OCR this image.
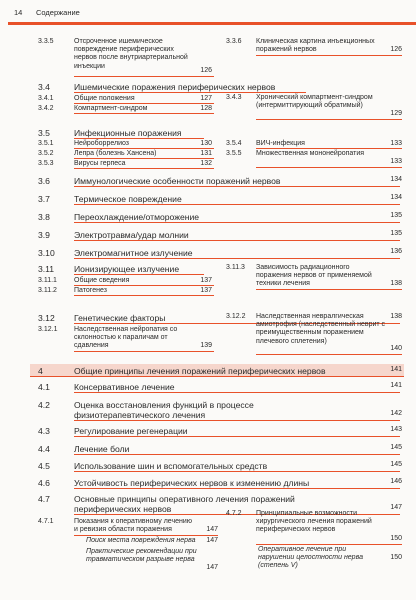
14 Содержание
3.3.5	Отсроченное ишемическое повреждение периферических нервов после внутриартериальной инъекции
126
3.4	Ишемические поражения периферических нервов
3.4.1	Общие положения	127
3.4.2	Компартмент-синдром	128
3.5	Инфекционные поражения
3.5.1	Нейроборрелиоз	130
3.5.2	Лепра (болезнь Хансена)	131
3.5.3	Вирусы герпеса	132
3.6	Иммунологические особенности поражений нервов	134
3.7	Термическое повреждение	134
3.8	Переохлаждение/отморожение	135
3.9	Электротравма/удар молнии	135
3.10 Электромагнитное излучение	136
3.11 Ионизирующее излучение
3.11.1 Общие сведения	137
3.11.2 Патогенез	137
3.12 Генетические факторы	138
3.12.1 Наследственная нейропатия со склонностью к параличам от сдавления	139
3.3.6 Клиническая картина инъекционных поражений нервов	126
3.4.3 Хронический компартмент-синдром (интермиттирующий обратимый)
129
3.5.4 ВИЧ-инфекция	133
3.5.5 Множественная мононейропатия
133
3.11.3 Зависимость радиационного поражения нервов от применяемой техники лечения	138
3.12.2 Наследственная невралгическая амиотрофия (наследственный неврит с преимущественным поражением плечевого сплетения)
140
4	Общие принципы лечения поражений периферических нервов	141
4.1	Консервативное лечение	141
4.2	Оценка восстановления функций в процессе физиотерапевтического лечения	142
4.3	Регулирование регенерации	143
4.4	Лечение боли	145
4.5	Использование шин и вспомогательных средств	145
4.6	Устойчивость периферических нервов к изменению длины	146
4.7	Основные принципы оперативного лечения поражений периферических нервов	147
4.7.1	Показания к оперативному лечению и ревизия области поражения	147
Поиск места повреждения нерва	147
Практические рекомендации при травматическом разрыве нерва
147
4.7.2 Принципиальные возможности хирургического лечения поражений периферических нервов
150
Оперативное лечение при нарушении целостности нерва (степень V)
150
